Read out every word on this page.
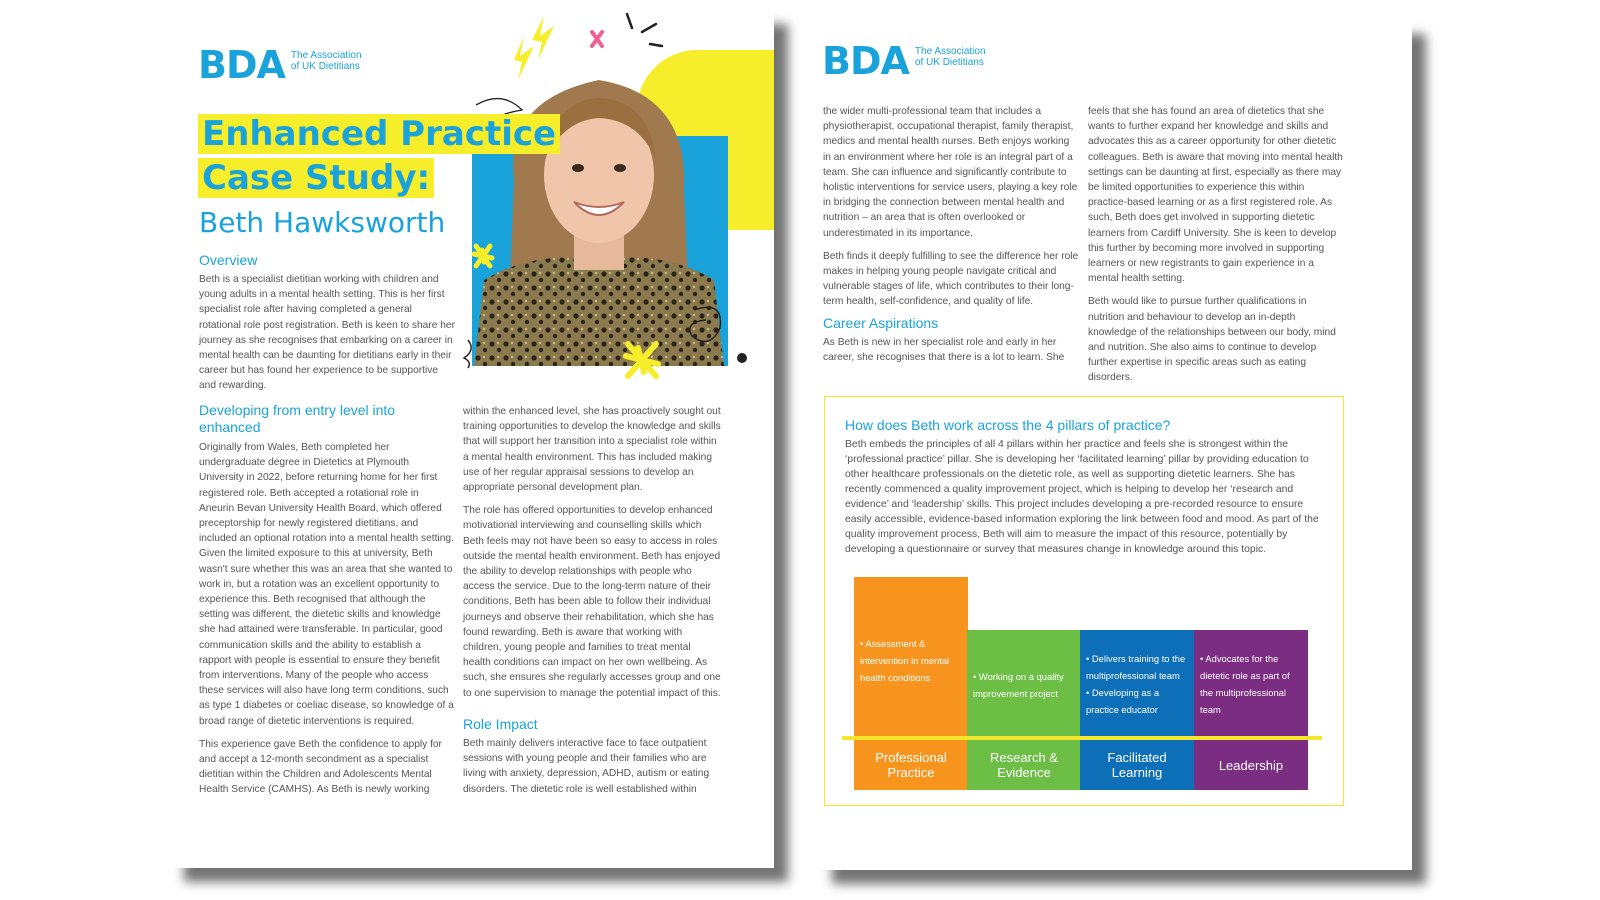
BDA The Association
of UK Dietitians
Enhanced Practice
Case Study:
Beth Hawksworth
Overview

Beth is a specialist dietitian working with children and young adults in a mental health setting. This is her first specialist role after having completed a general rotational role post registration. Beth is keen to share her journey as she recognises that embarking on a career in mental health can be daunting for dietitians early in their career but has found her experience to be supportive and rewarding.

Developing from entry level into enhanced

Originally from Wales, Beth completed her undergraduate degree in Dietetics at Plymouth University in 2022, before returning home for her first registered role. Beth accepted a rotational role in Aneurin Bevan University Health Board, which offered preceptorship for newly registered dietitians, and included an optional rotation into a mental health setting. Given the limited exposure to this at university, Beth wasn't sure whether this was an area that she wanted to work in, but a rotation was an excellent opportunity to experience this. Beth recognised that although the setting was different, the dietetic skills and knowledge she had attained were transferable. In particular, good communication skills and the ability to establish a rapport with people is essential to ensure they benefit from interventions. Many of the people who access these services will also have long term conditions, such as type 1 diabetes or coeliac disease, so knowledge of a broad range of dietetic interventions is required.

This experience gave Beth the confidence to apply for and accept a 12-month secondment as a specialist dietitian within the Children and Adolescents Mental Health Service (CAMHS). As Beth is newly working

within the enhanced level, she has proactively sought out training opportunities to develop the knowledge and skills that will support her transition into a specialist role within a mental health environment. This has included making use of her regular appraisal sessions to develop an appropriate personal development plan.

The role has offered opportunities to develop enhanced motivational interviewing and counselling skills which Beth feels may not have been so easy to access in roles outside the mental health environment. Beth has enjoyed the ability to develop relationships with people who access the service. Due to the long-term nature of their conditions, Beth has been able to follow their individual journeys and observe their rehabilitation, which she has found rewarding. Beth is aware that working with children, young people and families to treat mental health conditions can impact on her own wellbeing. As such, she ensures she regularly accesses group and one to one supervision to manage the potential impact of this.

Role Impact

Beth mainly delivers interactive face to face outpatient sessions with young people and their families who are living with anxiety, depression, ADHD, autism or eating disorders. The dietetic role is well established within

BDA The Association
of UK Dietitians

the wider multi-professional team that includes a physiotherapist, occupational therapist, family therapist, medics and mental health nurses. Beth enjoys working in an environment where her role is an integral part of a team. She can influence and significantly contribute to holistic interventions for service users, playing a key role in bridging the connection between mental health and nutrition – an area that is often overlooked or underestimated in its importance.

Beth finds it deeply fulfilling to see the difference her role makes in helping young people navigate critical and vulnerable stages of life, which contributes to their long-term health, self-confidence, and quality of life.

Career Aspirations

As Beth is new in her specialist role and early in her career, she recognises that there is a lot to learn. She

feels that she has found an area of dietetics that she wants to further expand her knowledge and skills and advocates this as a career opportunity for other dietetic colleagues. Beth is aware that moving into mental health settings can be daunting at first, especially as there may be limited opportunities to experience this within practice-based learning or as a first registered role. As such, Beth does get involved in supporting dietetic learners from Cardiff University. She is keen to develop this further by becoming more involved in supporting learners or new registrants to gain experience in a mental health setting.

Beth would like to pursue further qualifications in nutrition and behaviour to develop an in-depth knowledge of the relationships between our body, mind and nutrition. She also aims to continue to develop further expertise in specific areas such as eating disorders.

How does Beth work across the 4 pillars of practice?
Beth embeds the principles of all 4 pillars within her practice and feels she is strongest within the ‘professional practice’ pillar. She is developing her ‘facilitated learning’ pillar by providing education to other healthcare professionals on the dietetic role, as well as supporting dietetic learners. She has recently commenced a quality improvement project, which is helping to develop her ‘research and evidence’ and ‘leadership’ skills. This project includes developing a pre-recorded resource to ensure easily accessible, evidence-based information exploring the link between food and mood. As part of the quality improvement process, Beth will aim to measure the impact of this resource, potentially by developing a questionnaire or survey that measures change in knowledge around this topic.
• Assessment & intervention in mental health conditions
Professional Practice
• Working on a quality improvement project
Research & Evidence
• Delivers training to the multiprofessional team
• Developing as a practice educator
Facilitated Learning
• Advocates for the dietetic role as part of the multiprofessional team
Leadership
